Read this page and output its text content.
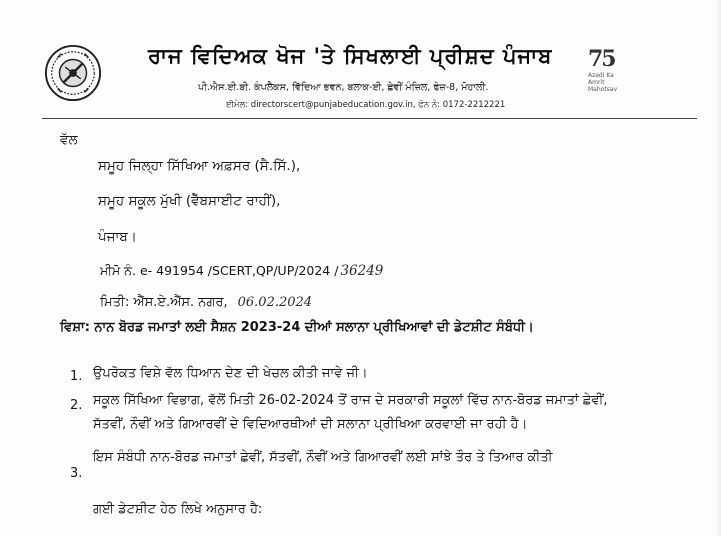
ਰਾਜ ਵਿਦਿਅਕ ਖੋਜ 'ਤੇ ਸਿਖਲਾਈ ਪ੍ਰੀਸ਼ਦ ਪੰਜਾਬ
ਪੀ.ਐਸ.ਈ.ਬੀ. ਕੰਪਲੈਕਸ, ਵਿੱਦਿਆ ਭਵਨ, ਬਲਾਕ-ਈ, ਛੇਵੀਂ ਮੰਜ਼ਿਲ, ਫੇਜ਼-8, ਮੋਹਾਲੀ.
ਈਮੇਲ: directorscert@punjabeducation.gov.in, ਫੋਨ ਨੰ: 0172-2212221
75
Azadi Ka Amrit Mahotsav
ਵੱਲ
ਸਮੂਹ ਜਿਲ੍ਹਾ ਸਿੱਖਿਆ ਅਫ਼ਸਰ (ਸੈ.ਸਿੱ.),
ਸਮੂਹ ਸਕੂਲ ਮੁੱਖੀ (ਵੈੱਬਸਾਈਟ ਰਾਹੀਂ),
ਪੰਜਾਬ।
ਮੀਮੋ ਨੰ. e- 491954 /SCERT,QP/UP/2024 / 36249
ਮਿਤੀ: ਐੱਸ.ਏ.ਐੱਸ. ਨਗਰ, 06.02.2024
ਵਿਸ਼ਾ: ਨਾਨ ਬੋਰਡ ਜਮਾਤਾਂ ਲਈ ਸੈਸ਼ਨ 2023-24 ਦੀਆਂ ਸਲਾਨਾ ਪ੍ਰੀਖਿਆਵਾਂ ਦੀ ਡੇਟਸ਼ੀਟ ਸੰਬੰਧੀ।
1. ਉਪਰੋਕਤ ਵਿਸ਼ੇ ਵੱਲ ਧਿਆਨ ਦੇਣ ਦੀ ਖੇਚਲ ਕੀਤੀ ਜਾਵੇ ਜੀ।
2. ਸਕੂਲ ਸਿੱਖਿਆ ਵਿਭਾਗ, ਵੱਲੋਂ ਮਿਤੀ 26-02-2024 ਤੋਂ ਰਾਜ ਦੇ ਸਰਕਾਰੀ ਸਕੂਲਾਂ ਵਿੱਚ ਨਾਨ-ਬੋਰਡ ਜਮਾਤਾਂ ਛੇਵੀਂ,
ਸੱਤਵੀਂ, ਨੌਵੀਂ ਅਤੇ ਗਿਆਰਵੀਂ ਦੇ ਵਿਦਿਆਰਥੀਆਂ ਦੀ ਸਲਾਨਾ ਪ੍ਰੀਖਿਆ ਕਰਵਾਈ ਜਾ ਰਹੀ ਹੈ।
3.
ਇਸ ਸੰਬੰਧੀ ਨਾਨ-ਬੋਰਡ ਜਮਾਤਾਂ ਛੇਵੀਂ, ਸੱਤਵੀਂ, ਨੌਵੀਂ ਅਤੇ ਗਿਆਰਵੀਂ ਲਈ ਸਾਂਝੇ ਤੌਰ ਤੇ ਤਿਆਰ ਕੀਤੀ
ਗਈ ਡੇਟਸ਼ੀਟ ਹੇਠ ਲਿਖੇ ਅਨੁਸਾਰ ਹੈ:
